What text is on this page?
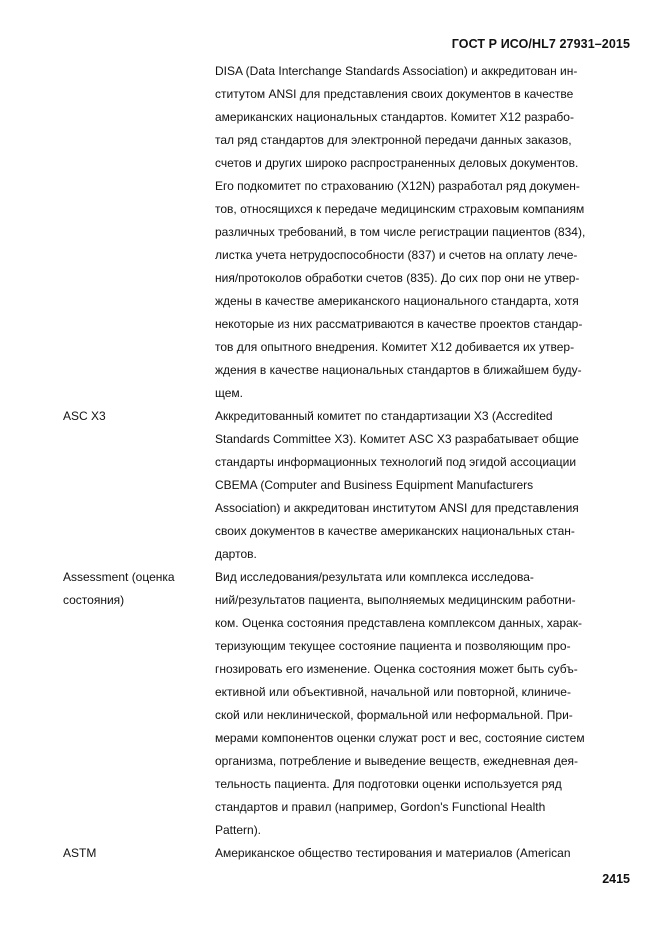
ГОСТ Р ИСО/HL7 27931–2015
DISA (Data Interchange Standards Association) и аккредитован ин-
ститутом ANSI для представления своих документов в качестве
американских национальных стандартов. Комитет X12 разрабо-
тал ряд стандартов для электронной передачи данных заказов,
счетов и других широко распространенных деловых документов.
Его подкомитет по страхованию (X12N) разработал ряд докумен-
тов, относящихся к передаче медицинским страховым компаниям
различных требований, в том числе регистрации пациентов (834),
листка учета нетрудоспособности (837) и счетов на оплату лече-
ния/протоколов обработки счетов (835). До сих пор они не утвер-
ждены в качестве американского национального стандарта, хотя
некоторые из них рассматриваются в качестве проектов стандар-
тов для опытного внедрения. Комитет X12 добивается их утвер-
ждения в качестве национальных стандартов в ближайшем буду-
щем.
ASC X3	Аккредитованный комитет по стандартизации X3 (Accredited
Standards Committee X3). Комитет ASC X3 разрабатывает общие
стандарты информационных технологий под эгидой ассоциации
CBEMA (Computer and Business Equipment Manufacturers
Association) и аккредитован институтом ANSI для представления
своих документов в качестве американских национальных стан-
дартов.
Assessment (оценка
состояния)
Вид исследования/результата или комплекса исследова-
ний/результатов пациента, выполняемых медицинским работни-
ком. Оценка состояния представлена комплексом данных, харак-
теризующим текущее состояние пациента и позволяющим про-
гнозировать его изменение. Оценка состояния может быть субъ-
ективной или объективной, начальной или повторной, клиниче-
ской или неклинической, формальной или неформальной. При-
мерами компонентов оценки служат рост и вес, состояние систем
организма, потребление и выведение веществ, ежедневная дея-
тельность пациента. Для подготовки оценки используется ряд
стандартов и правил (например, Gordon's Functional Health
Pattern).
ASTM	Американское общество тестирования и материалов (American
2415
